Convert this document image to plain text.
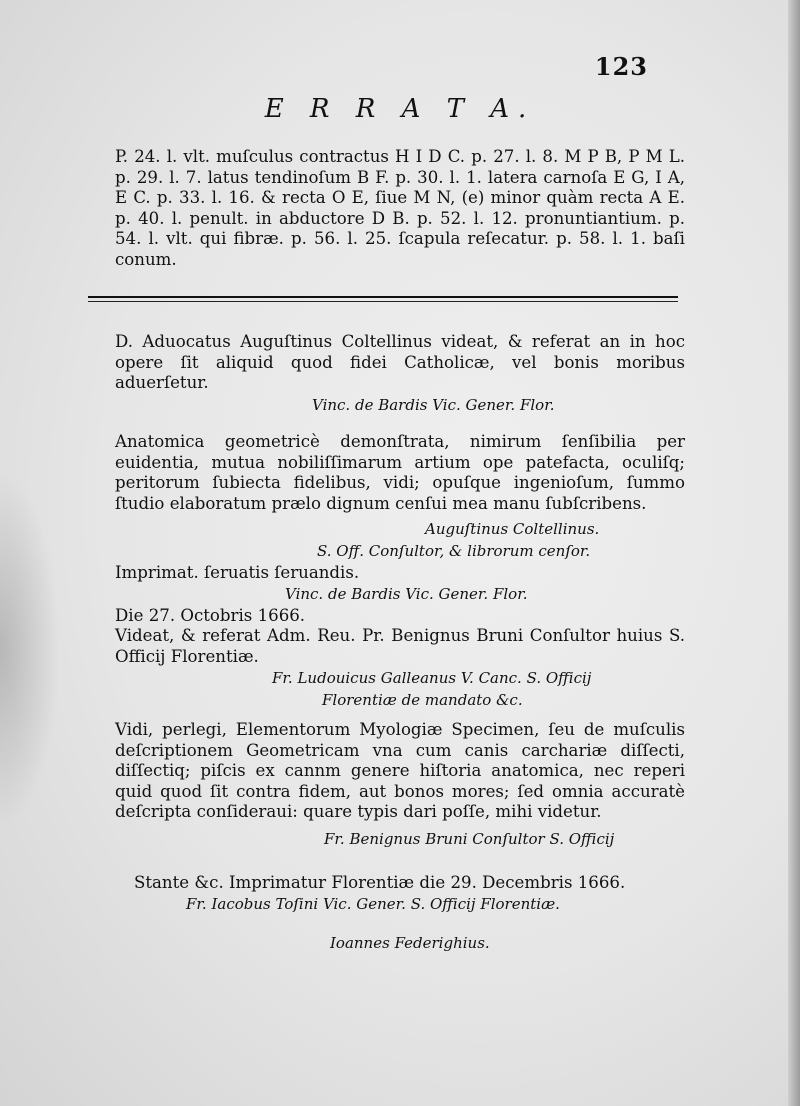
123
E R R A T A.
P. 24. l. vlt. muſculus contractus H I D C. p. 27. l. 8. M P B, P M L. p. 29. l. 7. latus tendinoſum B F. p. 30. l. 1. latera carnoſa E G, I A, E C. p. 33. l. 16. & recta O E, ſiue M N, (e) minor quàm recta A E. p. 40. l. penult. in abductore D B. p. 52. l. 12. pronuntiantium. p. 54. l. vlt. qui fibræ. p. 56. l. 25. ſcapula reſecatur. p. 58. l. 1. baſi conum.
D. Aduocatus Auguſtinus Coltellinus videat, & referat an in hoc opere ſit aliquid quod fidei Catholicæ, vel bonis moribus aduerſetur.
Vinc. de Bardis Vic. Gener. Flor.
Anatomica geometricè demonſtrata, nimirum ſenſibilia per euidentia, mutua nobiliſſimarum artium ope patefacta, oculiſq; peritorum ſubiecta fidelibus, vidi; opuſque ingenioſum, ſummo ſtudio elaboratum prælo dignum cenſui mea manu ſubſcribens.
Auguſtinus Coltellinus.
S. Off. Conſultor, & librorum cenſor.
Imprimat. ſeruatis ſeruandis.
Vinc. de Bardis Vic. Gener. Flor.
Die 27. Octobris 1666.
Videat, & referat Adm. Reu. Pr. Benignus Bruni Conſultor huius S. Officij Florentiæ.
Fr. Ludouicus Galleanus V. Canc. S. Officij
Florentiæ de mandato &c.
Vidi, perlegi, Elementorum Myologiæ Specimen, ſeu de muſculis deſcriptionem Geometricam vna cum canis carchariæ diſſecti, diſſectiq; piſcis ex cannm genere hiſtoria anatomica, nec reperi quid quod ſit contra fidem, aut bonos mores; ſed omnia accuratè deſcripta conſideraui: quare typis dari poſſe, mihi videtur.
Fr. Benignus Bruni Conſultor S. Officij
Stante &c. Imprimatur Florentiæ die 29. Decembris 1666.
Fr. Iacobus Toſini Vic. Gener. S. Officij Florentiæ.
Ioannes Federighius.
